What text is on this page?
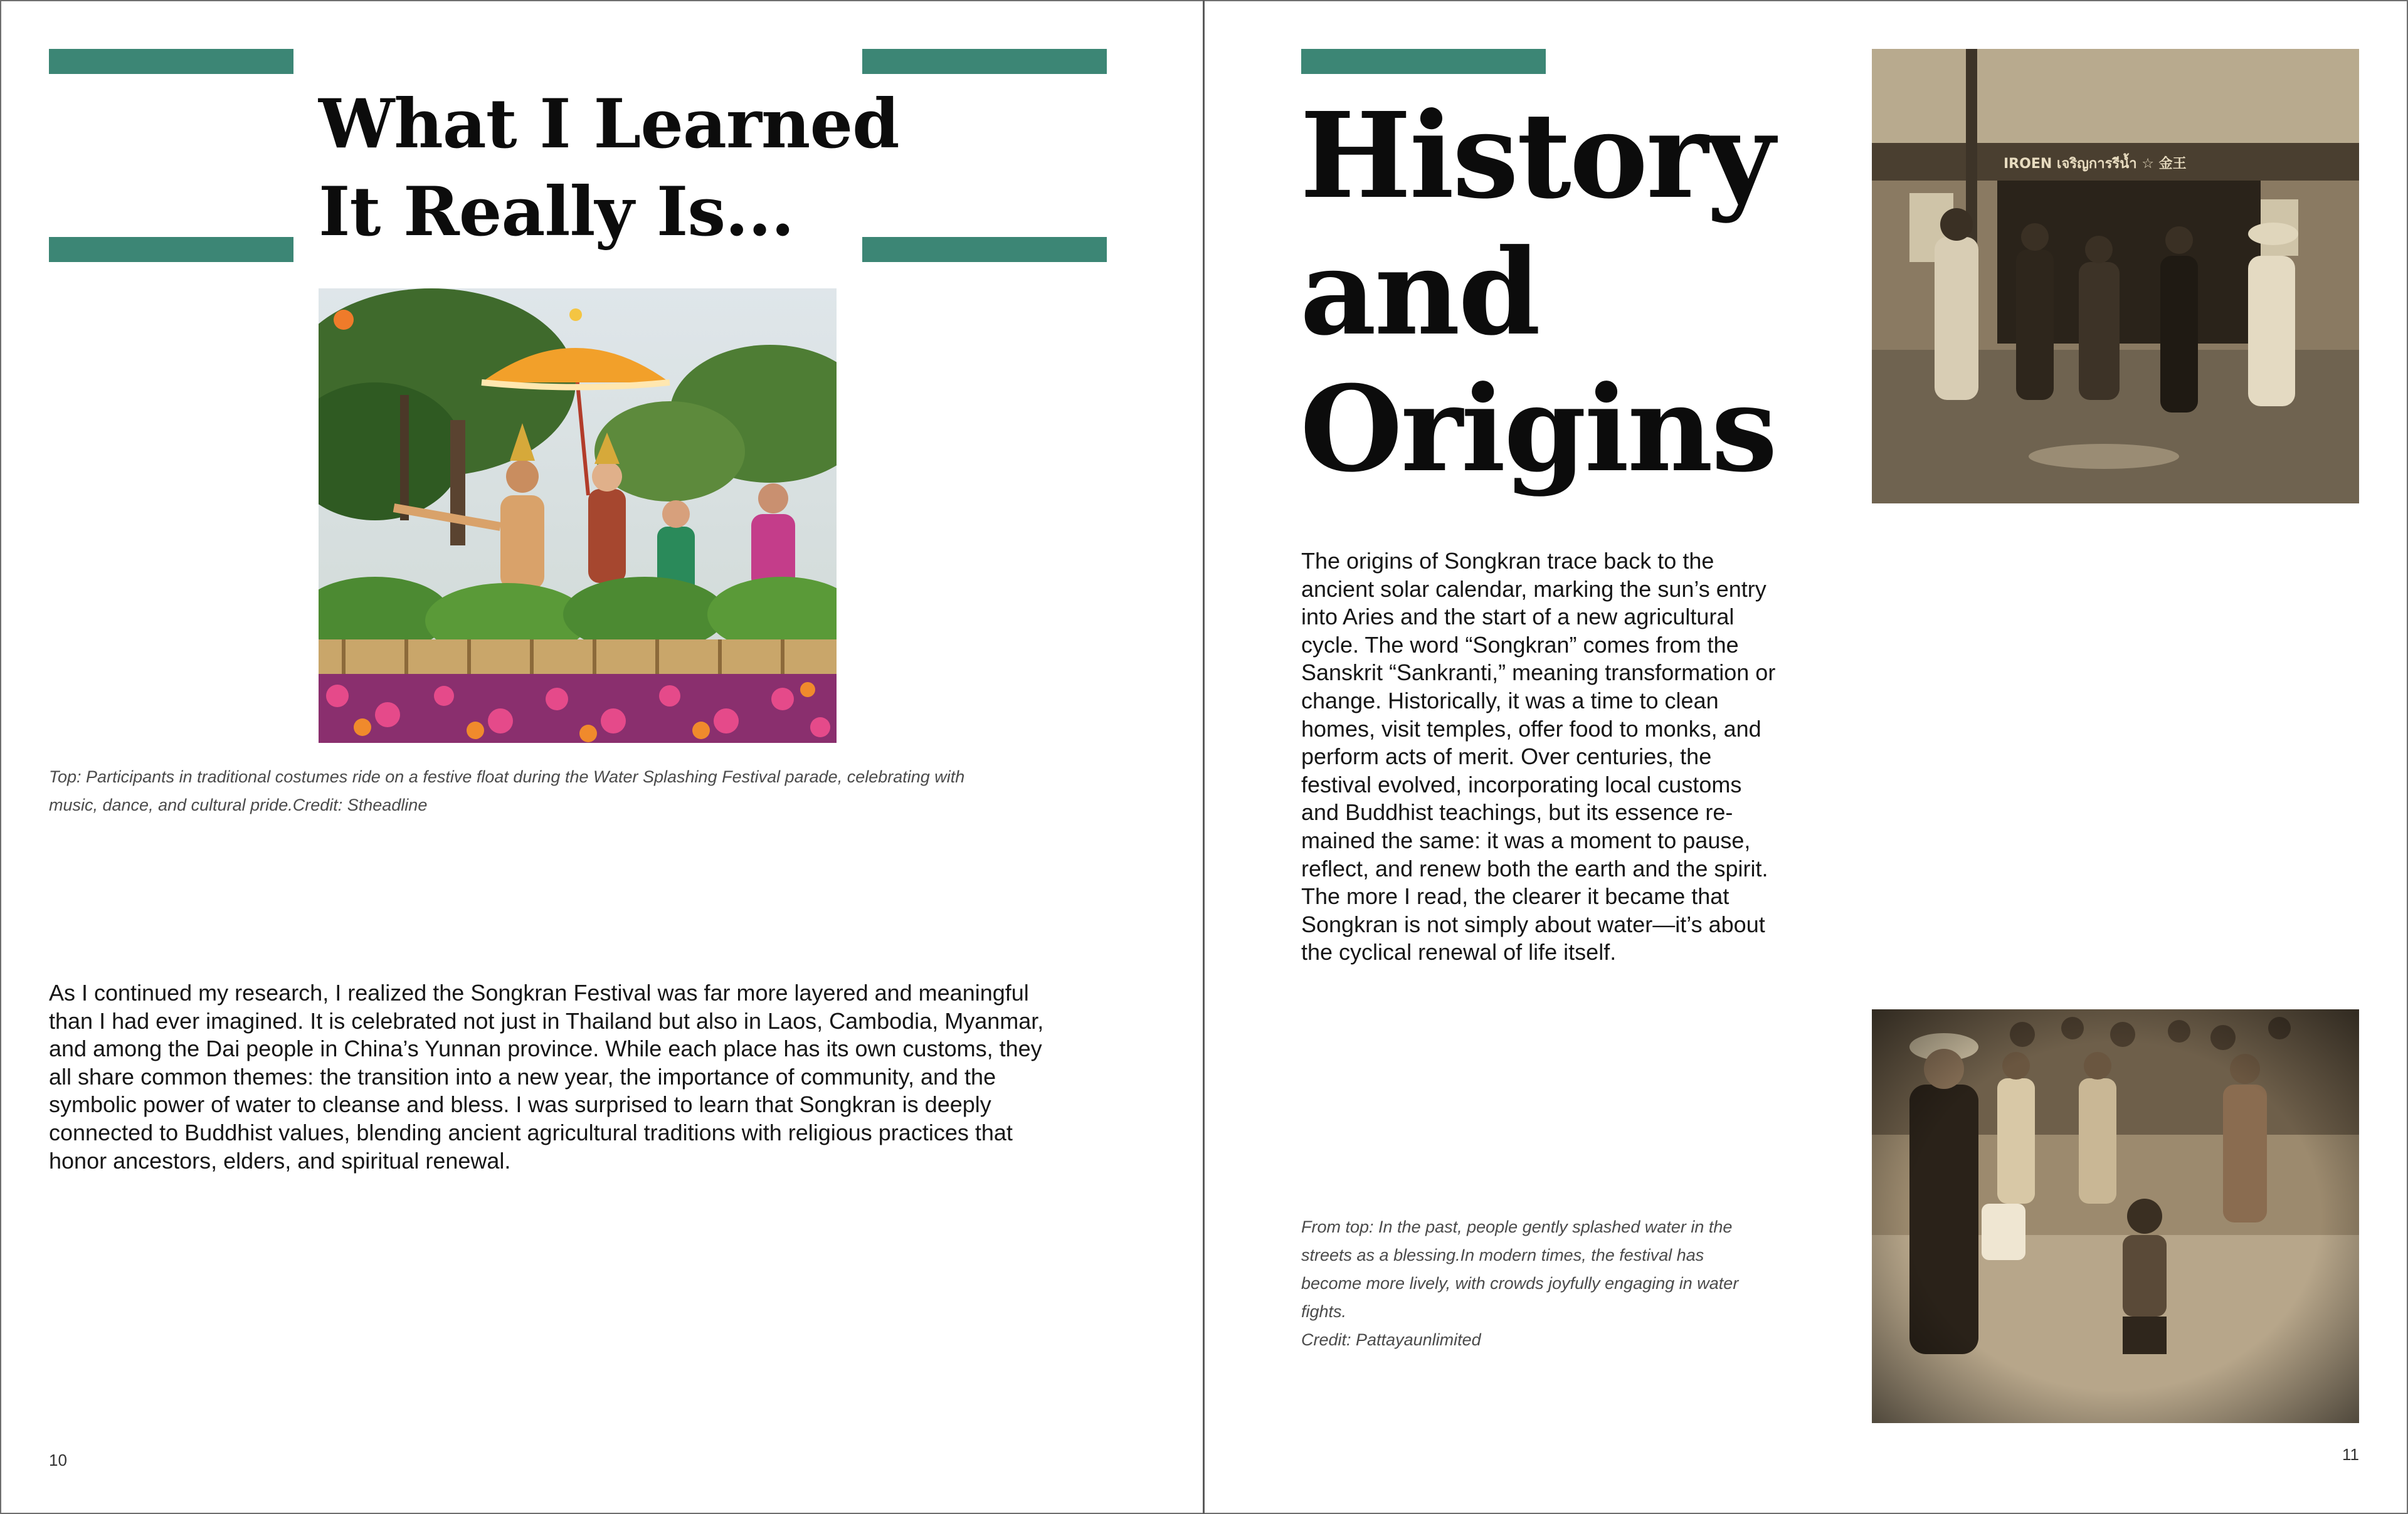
What I Learned
It Really Is...
Top: Participants in traditional costumes ride on a festive float during the Water Splashing Festival parade, celebrating with
music, dance, and cultural pride.Credit: Stheadline
As I continued my research, I realized the Songkran Festival was far more layered and meaningful
than I had ever imagined. It is celebrated not just in Thailand but also in Laos, Cambodia, Myanmar,
and among the Dai people in China’s Yunnan province. While each place has its own customs, they
all share common themes: the transition into a new year, the importance of community, and the
symbolic power of water to cleanse and bless. I was surprised to learn that Songkran is deeply
connected to Buddhist values, blending ancient agricultural traditions with religious practices that
honor ancestors, elders, and spiritual renewal.
10
History
and
Origins
IROEN เจริญการรีน้ำ ☆ 金王
The origins of Songkran trace back to the
ancient solar calendar, marking the sun’s entry
into Aries and the start of a new agricultural
cycle. The word “Songkran” comes from the
Sanskrit “Sankranti,” meaning transformation or
change. Historically, it was a time to clean
homes, visit temples, offer food to monks, and
perform acts of merit. Over centuries, the
festival evolved, incorporating local customs
and Buddhist teachings, but its essence re-
mained the same: it was a moment to pause,
reflect, and renew both the earth and the spirit.
The more I read, the clearer it became that
Songkran is not simply about water—it’s about
the cyclical renewal of life itself.
From top: In the past, people gently splashed water in the
streets as a blessing.In modern times, the festival has
become more lively, with crowds joyfully engaging in water
fights.
Credit: Pattayaunlimited
11
